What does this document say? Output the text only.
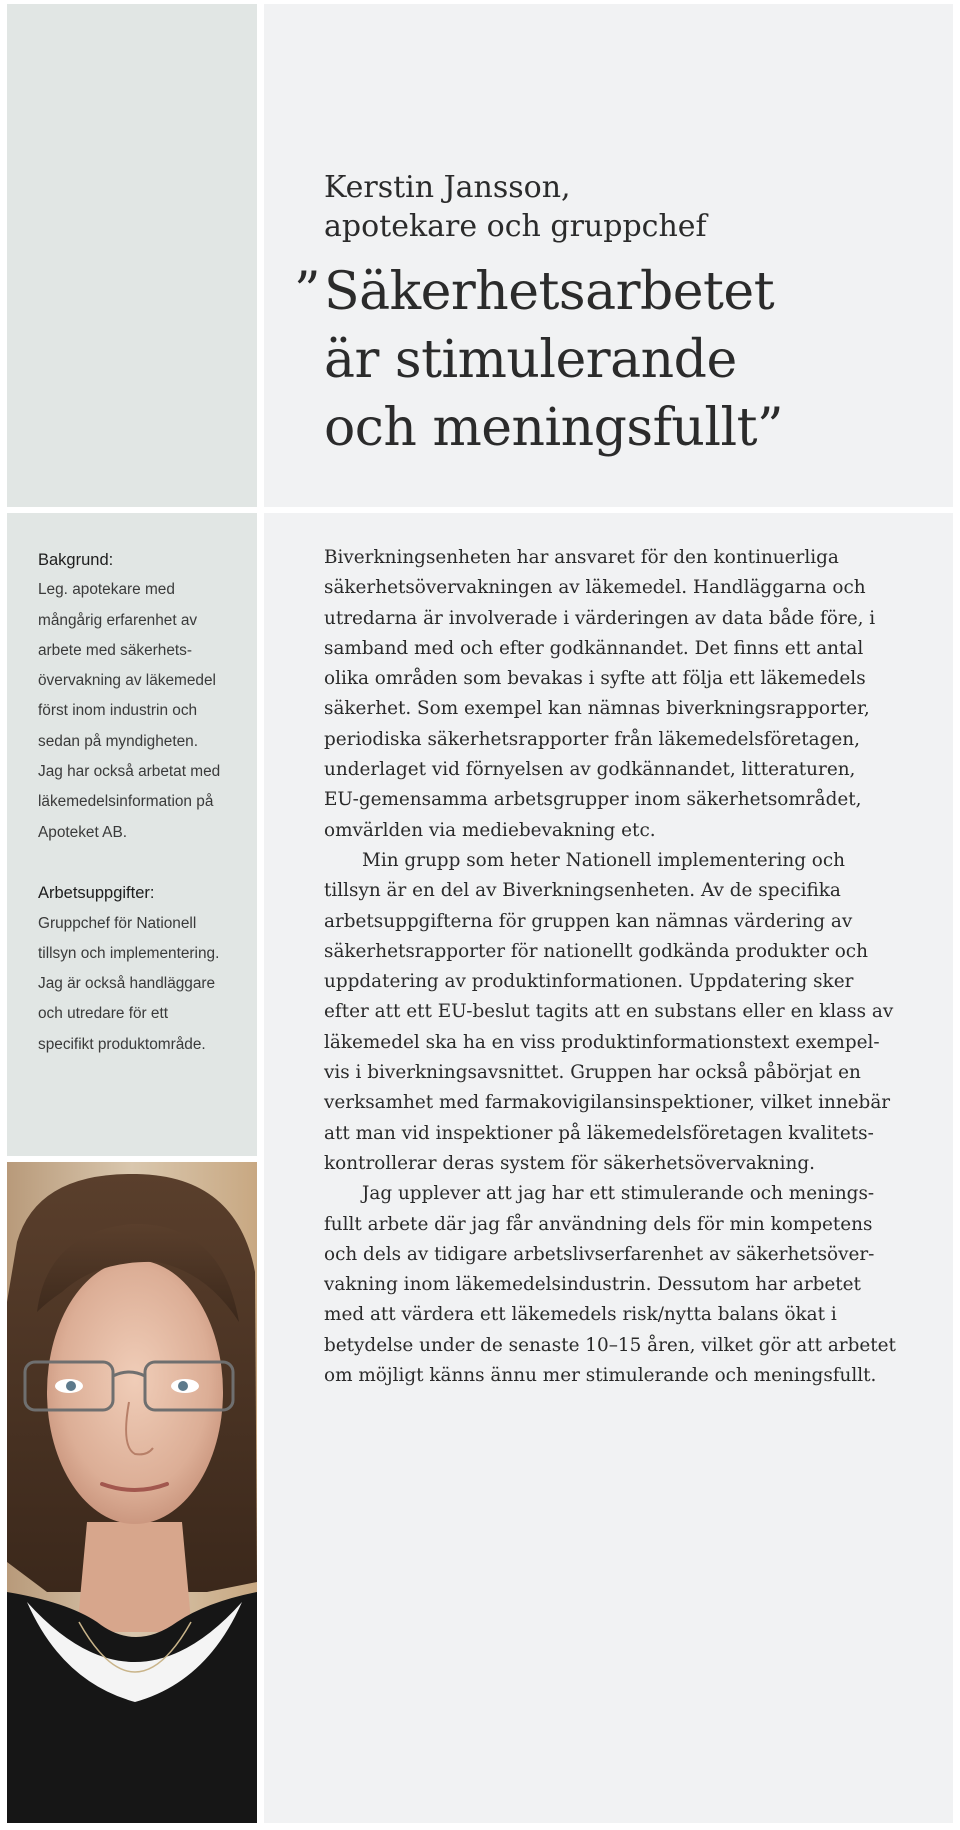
Kerstin Jansson,
apotekare och gruppchef
” Säkerhetsarbetet
är stimulerande
och meningsfullt”
Bakgrund:
Leg. apotekare med
mångårig erfarenhet av
arbete med säkerhets-
övervakning av läkemedel
först inom industrin och
sedan på myndigheten.
Jag har också arbetat med
läkemedelsinformation på
Apoteket AB.
Arbetsuppgifter:
Gruppchef för Nationell
tillsyn och implementering.
Jag är också handläggare
och utredare för ett
specifikt produktområde.
Biverkningsenheten har ansvaret för den kontinuerliga
säkerhetsövervakningen av läkemedel. Handläggarna och
utredarna är involverade i värderingen av data både före, i
samband med och efter godkännandet. Det finns ett antal
olika områden som bevakas i syfte att följa ett läkemedels
säkerhet. Som exempel kan nämnas biverkningsrapporter,
periodiska säkerhetsrapporter från läkemedelsföretagen,
underlaget vid förnyelsen av godkännandet, litteraturen,
EU-gemensamma arbetsgrupper inom säkerhetsområdet,
omvärlden via mediebevakning etc.
Min grupp som heter Nationell implementering och
tillsyn är en del av Biverkningsenheten. Av de specifika
arbetsuppgifterna för gruppen kan nämnas värdering av
säkerhetsrapporter för nationellt godkända produkter och
uppdatering av produktinformationen. Uppdatering sker
efter att ett EU-beslut tagits att en substans eller en klass av
läkemedel ska ha en viss produktinformationstext exempel-
vis i biverkningsavsnittet. Gruppen har också påbörjat en
verksamhet med farmakovigilansinspektioner, vilket innebär
att man vid inspektioner på läkemedelsföretagen kvalitets-
kontrollerar deras system för säkerhetsövervakning.
Jag upplever att jag har ett stimulerande och menings-
fullt arbete där jag får användning dels för min kompetens
och dels av tidigare arbetslivserfarenhet av säkerhetsöver-
vakning inom läkemedelsindustrin. Dessutom har arbetet
med att värdera ett läkemedels risk/nytta balans ökat i
betydelse under de senaste 10–15 åren, vilket gör att arbetet
om möjligt känns ännu mer stimulerande och meningsfullt.
